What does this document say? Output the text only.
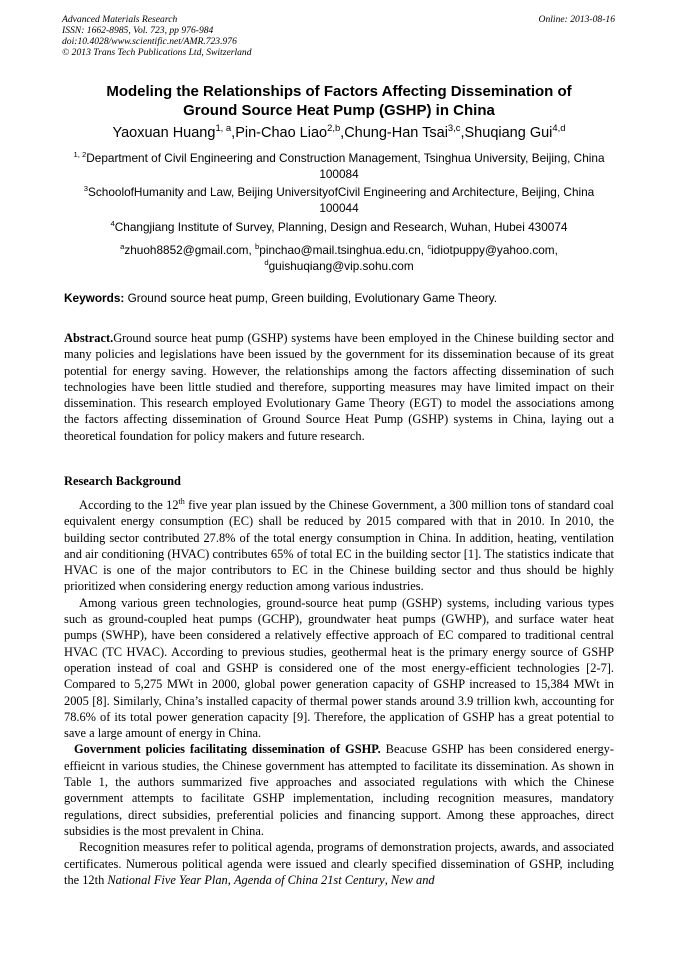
Advanced Materials Research
ISSN: 1662-8985, Vol. 723, pp 976-984
doi:10.4028/www.scientific.net/AMR.723.976
© 2013 Trans Tech Publications Ltd, Switzerland
Online: 2013-08-16
Modeling the Relationships of Factors Affecting Dissemination of
Ground Source Heat Pump (GSHP) in China
Yaoxuan Huang$^{1, a}$,Pin-Chao Liao$^{2,b}$,Chung-Han Tsai$^{3,c}$,Shuqiang Gui$^{4,d}$
$^{1, 2}$Department of Civil Engineering and Construction Management, Tsinghua University, Beijing, China 100084
$^3$SchoolofHumanity and Law, Beijing UniversityofCivil Engineering and Architecture, Beijing, China 100044
$^4$Changjiang Institute of Survey, Planning, Design and Research, Wuhan, Hubei 430074
$^a$zhuoh8852@gmail.com, $^b$pinchao@mail.tsinghua.edu.cn, $^c$idiotpuppy@yahoo.com, $^d$guishuqiang@vip.sohu.com
Keywords: Ground source heat pump, Green building, Evolutionary Game Theory.

Abstract.Ground source heat pump (GSHP) systems have been employed in the Chinese building sector and many policies and legislations have been issued by the government for its dissemination because of its great potential for energy saving. However, the relationships among the factors affecting dissemination of such technologies have been little studied and therefore, supporting measures may have limited impact on their dissemination. This research employed Evolutionary Game Theory (EGT) to model the associations among the factors affecting dissemination of Ground Source Heat Pump (GSHP) systems in China, laying out a theoretical foundation for policy makers and future research.

Research Background

According to the 12th five year plan issued by the Chinese Government, a 300 million tons of standard coal equivalent energy consumption (EC) shall be reduced by 2015 compared with that in 2010. In 2010, the building sector contributed 27.8% of the total energy consumption in China. In addition, heating, ventilation and air conditioning (HVAC) contributes 65% of total EC in the building sector [1]. The statistics indicate that HVAC is one of the major contributors to EC in the Chinese building sector and thus should be highly prioritized when considering energy reduction among various industries.

Among various green technologies, ground-source heat pump (GSHP) systems, including various types such as ground-coupled heat pumps (GCHP), groundwater heat pumps (GWHP), and surface water heat pumps (SWHP), have been considered a relatively effective approach of EC compared to traditional central HVAC (TC HVAC). According to previous studies, geothermal heat is the primary energy source of GSHP operation instead of coal and GSHP is considered one of the most energy-efficient technologies [2-7]. Compared to 5,275 MWt in 2000, global power generation capacity of GSHP increased to 15,384 MWt in 2005 [8]. Similarly, China’s installed capacity of thermal power stands around 3.9 trillion kwh, accounting for 78.6% of its total power generation capacity [9]. Therefore, the application of GSHP has a great potential to save a large amount of energy in China.

Government policies facilitating dissemination of GSHP. Beacuse GSHP has been considered energy-effieicnt in various studies, the Chinese government has attempted to facilitate its dissemination. As shown in Table 1, the authors summarized five approaches and associated regulations with which the Chinese government attempts to facilitate GSHP implementation, including recognition measures, mandatory regulations, direct subsidies, preferential policies and financing support. Among these approaches, direct subsidies is the most prevalent in China.

Recognition measures refer to political agenda, programs of demonstration projects, awards, and associated certificates. Numerous political agenda were issued and clearly specified dissemination of GSHP, including the 12th National Five Year Plan, Agenda of China 21st Century, New and
